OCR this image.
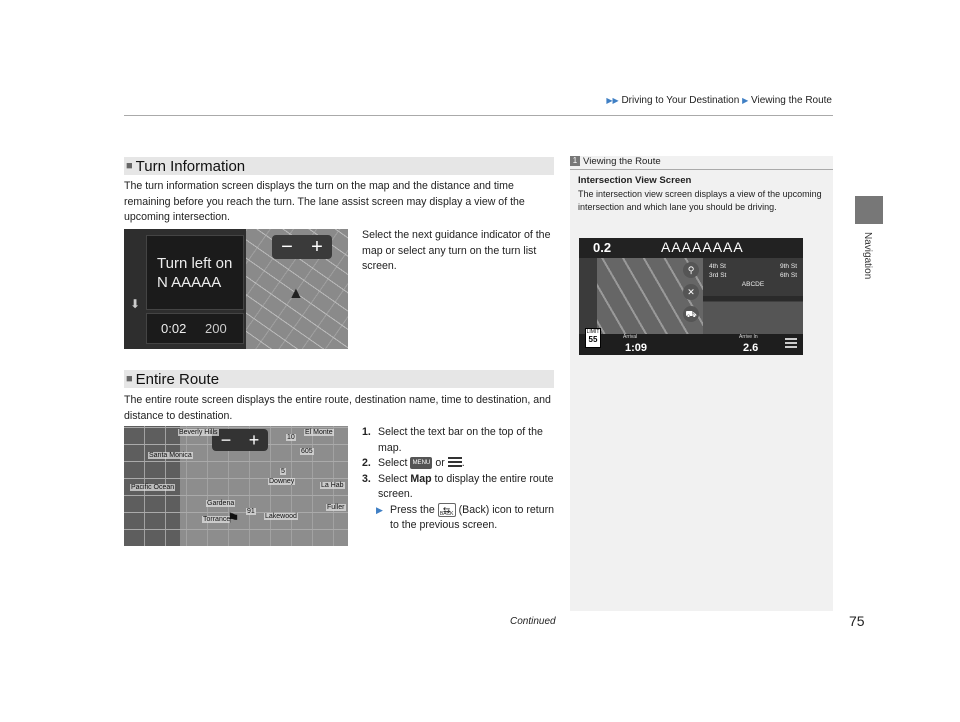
▶▶ Driving to Your Destination ▶ Viewing the Route
Navigation
■ Turn Information
The turn information screen displays the turn on the map and the distance and time remaining before you reach the turn. The lane assist screen may display a view of the upcoming intersection.
Turn left on
N AAAAA
0:02 200
⬇
− +
▲
Select the next guidance indicator of the map or select any turn on the turn list screen.
■ Entire Route
The entire route screen displays the entire route, destination name, time to destination, and distance to destination.
− +
Beverly Hills
Santa Monica
Pacific Ocean
El Monte
Downey
Gardena
Torrance	Lakewood
Fuller
La Hab
10
605
5
91
⚑
1. Select the text bar on the top of the map.
2. Select MENU or .
3. Select Map to display the entire route screen.
▶ Press the ⇆ BACK (Back) icon to return to the previous screen.
1 Viewing the Route
Intersection View Screen
The intersection view screen displays a view of the upcoming intersection and which lane you should be driving.
0.2	AAAAAAAA
⚲
✕
⛟
4th St	9th St
3rd St	6th St
ABCDE
Arrival
1:09
Arrive In
2.6
LIMIT
55
Continued	75
